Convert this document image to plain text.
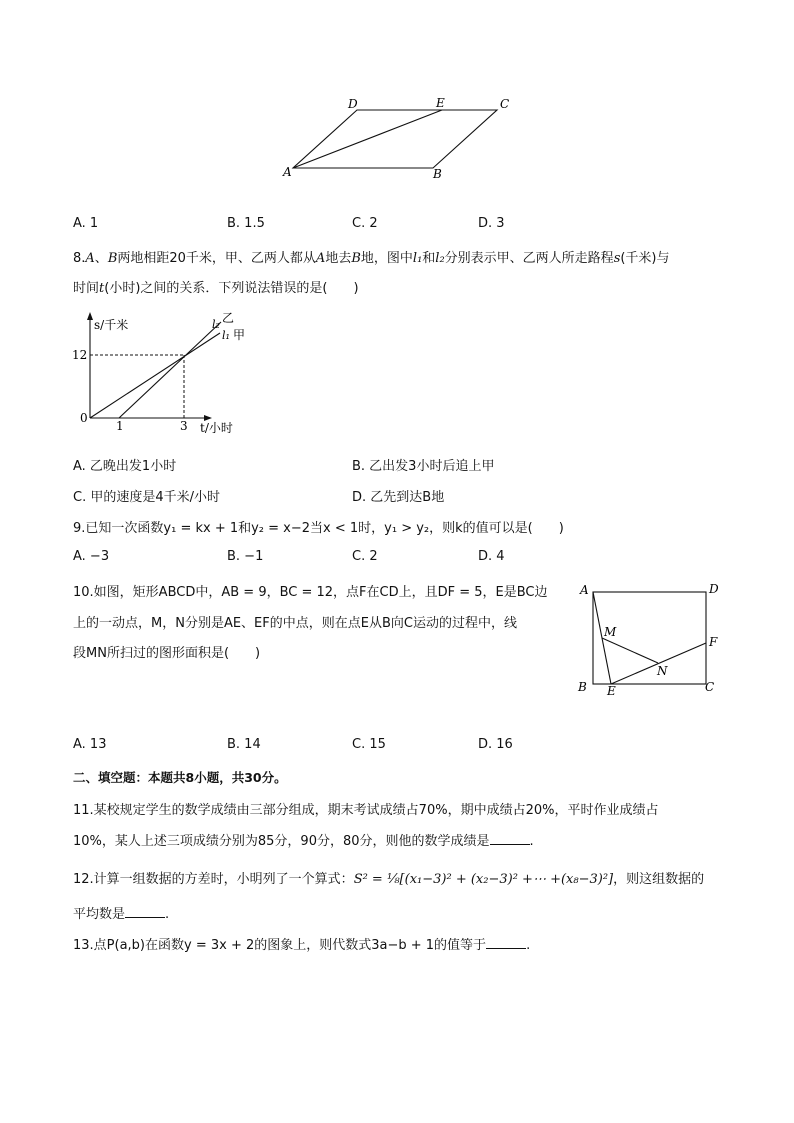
D	E	C
A	B
A. 1	B. 1.5	C. 2	D. 3
8.A、B两地相距20千米，甲、乙两人都从A地去B地，图中l₁和l₂分别表示甲、乙两人所走路程s(千米)与
时间t(小时)之间的关系．下列说法错误的是(　　)
s/千米
12
0
1	3 t/小时
l₂ 乙
l₁ 甲
A. 乙晚出发1小时	B. 乙出发3小时后追上甲
C. 甲的速度是4千米/小时	D. 乙先到达B地
9.已知一次函数y₁ = kx + 1和y₂ = x−2当x < 1时，y₁ > y₂，则k的值可以是(　　)
A. −3	B. −1	C. 2	D. 4
10.如图，矩形ABCD中，AB = 9，BC = 12，点F在CD上，且DF = 5，E是BC边
上的一动点，M，N分别是AE、EF的中点，则在点E从B向C运动的过程中，线
段MN所扫过的图形面积是(　　)
A	D
M
F
N
B E	C
A. 13	B. 14	C. 15	D. 16
二、填空题：本题共8小题，共30分。
11.某校规定学生的数学成绩由三部分组成，期末考试成绩占70%，期中成绩占20%，平时作业成绩占
10%，某人上述三项成绩分别为85分，90分，80分，则他的数学成绩是	.
12.计算一组数据的方差时，小明列了一个算式：S² = ⅛[(x₁−3)² + (x₂−3)² +⋯ +(x₈−3)²]，则这组数据的
平均数是	.
13.点P(a,b)在函数y = 3x + 2的图象上，则代数式3a−b + 1的值等于	.
